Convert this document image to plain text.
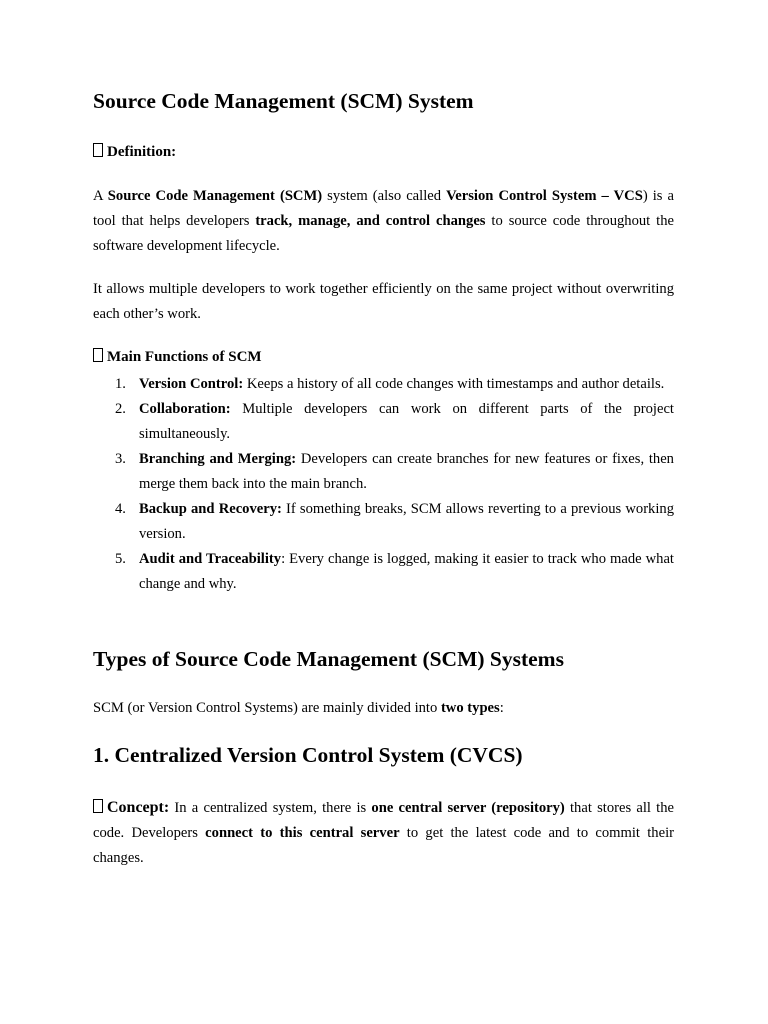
Source Code Management (SCM) System
Definition:
A Source Code Management (SCM) system (also called Version Control System – VCS) is a tool that helps developers track, manage, and control changes to source code throughout the software development lifecycle.
It allows multiple developers to work together efficiently on the same project without overwriting each other’s work.
Main Functions of SCM
1. Version Control: Keeps a history of all code changes with timestamps and author details.
2. Collaboration: Multiple developers can work on different parts of the project simultaneously.
3. Branching and Merging: Developers can create branches for new features or fixes, then merge them back into the main branch.
4. Backup and Recovery: If something breaks, SCM allows reverting to a previous working version.
5. Audit and Traceability: Every change is logged, making it easier to track who made what change and why.
Types of Source Code Management (SCM) Systems
SCM (or Version Control Systems) are mainly divided into two types:
1. Centralized Version Control System (CVCS)
Concept: In a centralized system, there is one central server (repository) that stores all the code. Developers connect to this central server to get the latest code and to commit their changes.
